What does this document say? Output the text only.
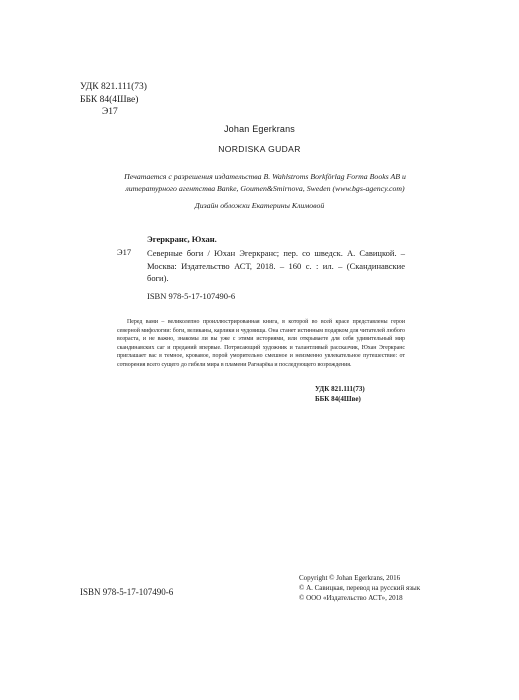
УДК 821.111(73)
ББК 84(4Шве)
Э17
Johan Egerkrans
NORDISKA GUDAR
Печатается с разрешения издательства B. Wahlstroms Borkförlag Forma Books AB и литературного агентства Banke, Goumen&Smirnova, Sweden (www.bgs-agency.com)
Дизайн обложки Екатерины Климовой
Эгеркранс, Юхан.
Э17 Северные боги / Юхан Эгеркранс; пер. со шведск. А. Савицкой. – Москва: Издательство АСТ, 2018. – 160 с. : ил. – (Скандинавские боги).
ISBN 978-5-17-107490-6
Перед вами – великолепно проиллюстрированная книга, в которой во всей красе представлены герои северной мифологии: боги, великаны, карлики и чудовища. Она станет истинным подарком для читателей любого возраста, и не важно, знакомы ли вы уже с этими историями, или открываете для себя удивительный мир скандинавских саг и преданий впервые. Потрясающий художник и талантливый рассказчик, Юхан Эгеркранс приглашает вас в темное, кровавое, порой уморительно смешное и неизменно увлекательное путешествие: от сотворения всего сущего до гибели мира в пламени Рагнарёка и последующего возрождения.
УДК 821.111(73)
ББК 84(4Шве)
Copyright © Johan Egerkrans, 2016
© А. Савицкая, перевод на русский язык
© ООО «Издательство АСТ», 2018
ISBN 978-5-17-107490-6
